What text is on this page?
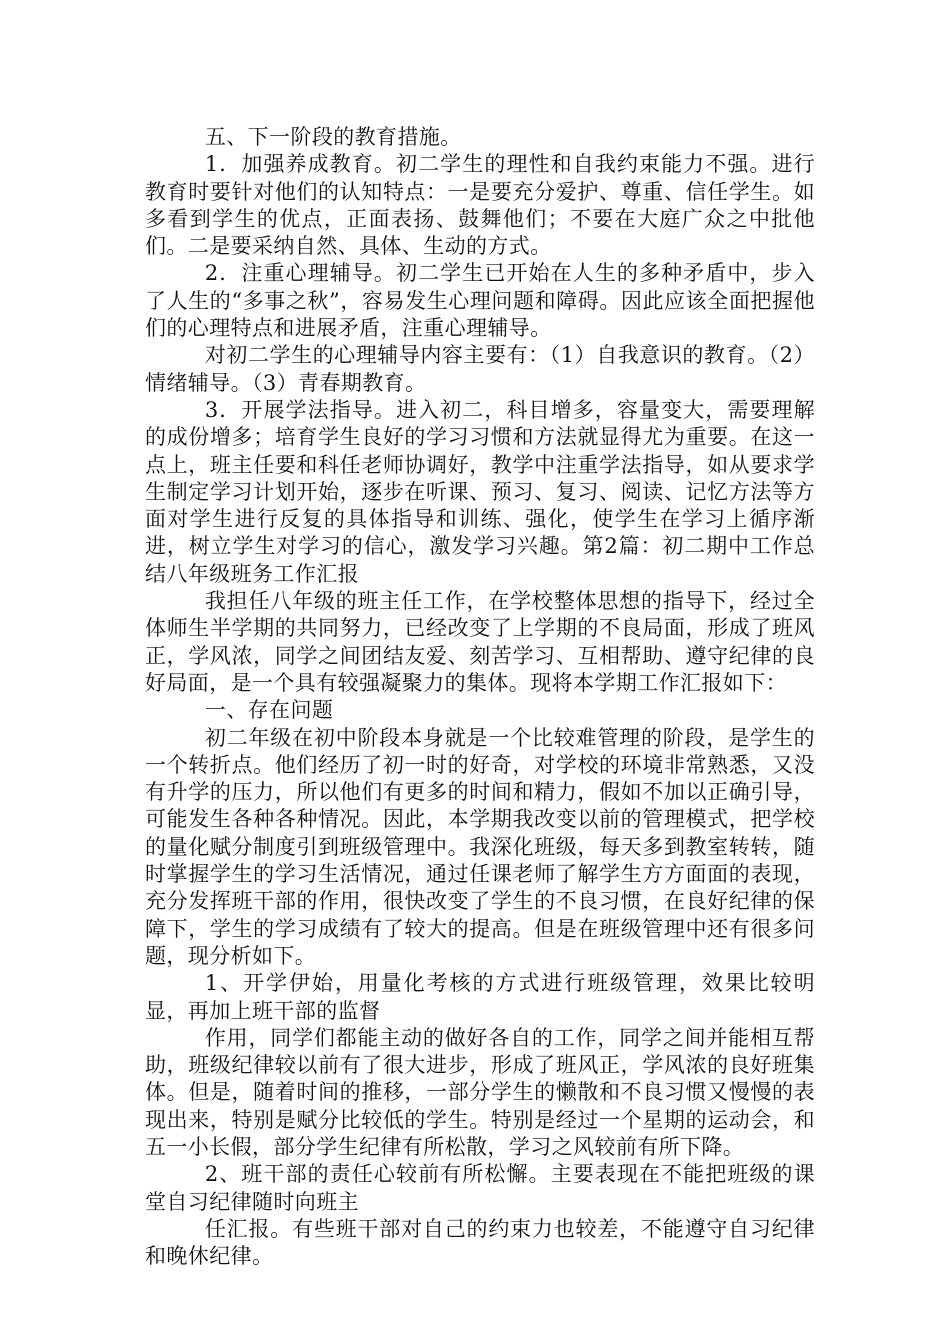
五、下一阶段的教育措施。

1．加强养成教育。初二学生的理性和自我约束能力不强。进行教育时要针对他们的认知特点：一是要充分爱护、尊重、信任学生。如多看到学生的优点，正面表扬、鼓舞他们；不要在大庭广众之中批他们。二是要采纳自然、具体、生动的方式。

2．注重心理辅导。初二学生已开始在人生的多种矛盾中，步入了人生的“多事之秋”，容易发生心理问题和障碍。因此应该全面把握他们的心理特点和进展矛盾，注重心理辅导。

对初二学生的心理辅导内容主要有：（1）自我意识的教育。（2）情绪辅导。（3）青春期教育。

3．开展学法指导。进入初二，科目增多，容量变大，需要理解的成份增多；培育学生良好的学习习惯和方法就显得尤为重要。在这一点上，班主任要和科任老师协调好，教学中注重学法指导，如从要求学生制定学习计划开始，逐步在听课、预习、复习、阅读、记忆方法等方面对学生进行反复的具体指导和训练、强化，使学生在学习上循序渐进，树立学生对学习的信心，激发学习兴趣。第2篇：初二期中工作总结八年级班务工作汇报

我担任八年级的班主任工作，在学校整体思想的指导下，经过全体师生半学期的共同努力，已经改变了上学期的不良局面，形成了班风正，学风浓，同学之间团结友爱、刻苦学习、互相帮助、遵守纪律的良好局面，是一个具有较强凝聚力的集体。现将本学期工作汇报如下：

一、存在问题

初二年级在初中阶段本身就是一个比较难管理的阶段，是学生的一个转折点。他们经历了初一时的好奇，对学校的环境非常熟悉，又没有升学的压力，所以他们有更多的时间和精力，假如不加以正确引导，可能发生各种各种情况。因此，本学期我改变以前的管理模式，把学校的量化赋分制度引到班级管理中。我深化班级，每天多到教室转转，随时掌握学生的学习生活情况，通过任课老师了解学生方方面面的表现，充分发挥班干部的作用，很快改变了学生的不良习惯，在良好纪律的保障下，学生的学习成绩有了较大的提高。但是在班级管理中还有很多问题，现分析如下。

1、开学伊始，用量化考核的方式进行班级管理，效果比较明显，再加上班干部的监督

作用，同学们都能主动的做好各自的工作，同学之间并能相互帮助，班级纪律较以前有了很大进步，形成了班风正，学风浓的良好班集体。但是，随着时间的推移，一部分学生的懒散和不良习惯又慢慢的表现出来，特别是赋分比较低的学生。特别是经过一个星期的运动会，和五一小长假，部分学生纪律有所松散，学习之风较前有所下降。

2、班干部的责任心较前有所松懈。主要表现在不能把班级的课堂自习纪律随时向班主

任汇报。有些班干部对自己的约束力也较差，不能遵守自习纪律和晚休纪律。
